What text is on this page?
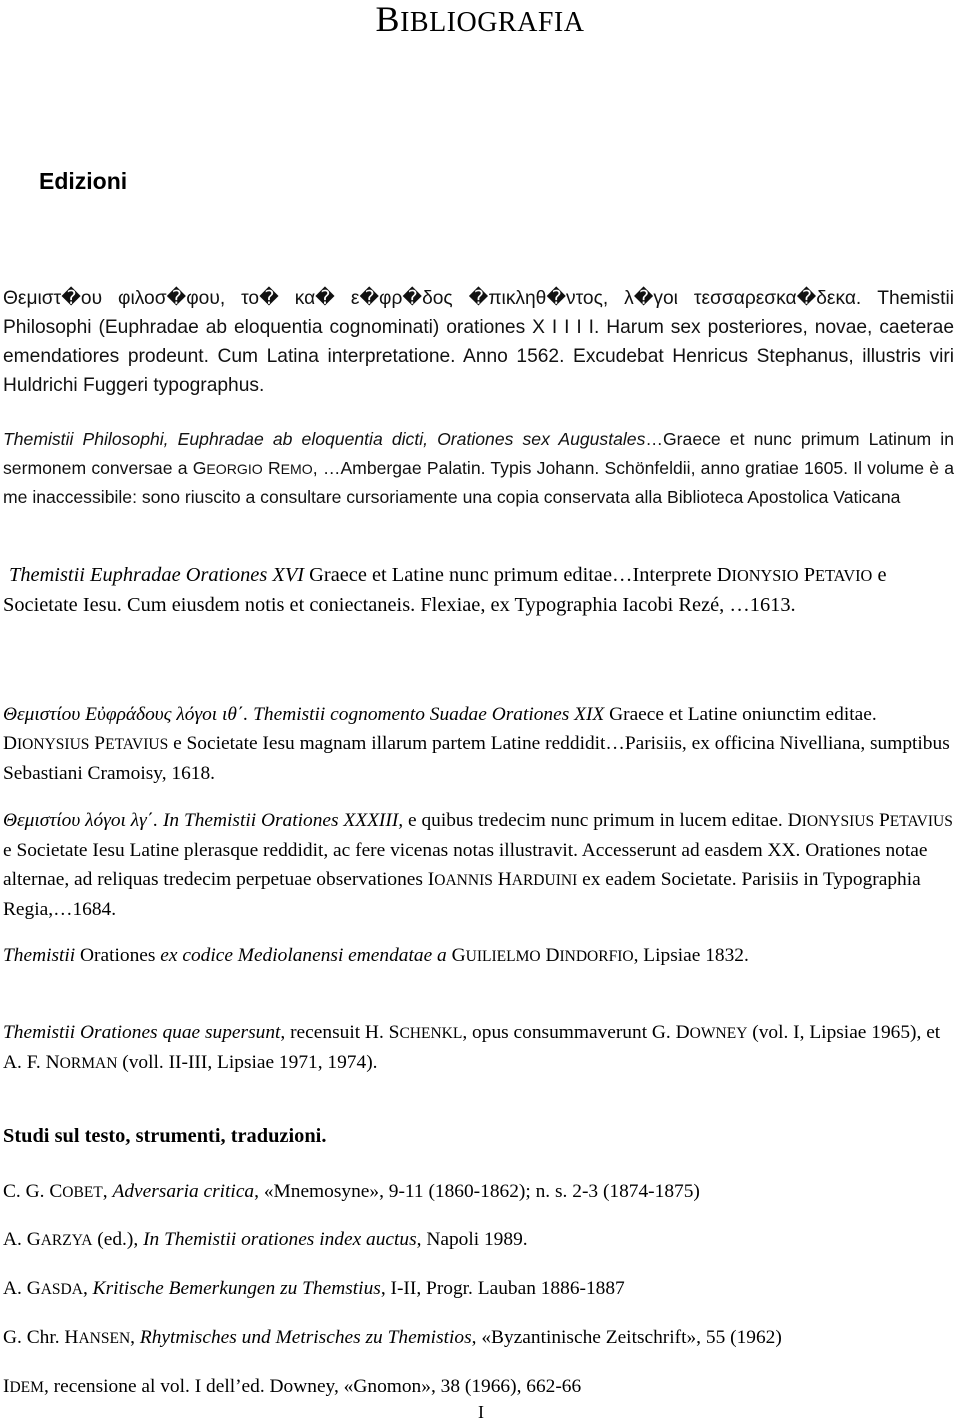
BIBLIOGRAFIA
Edizioni
Θεμιστ�ου φιλοσ�φου, το� κα� ε�φρ�δος �πικληθ�ντος, λ�γοι τεσσαρεσκα�δεκα. Themistii Philosophi (Euphradae ab eloquentia cognominati) orationes X I I I I. Harum sex posteriores, novae, caeterae emendatiores prodeunt. Cum Latina interpretatione. Anno 1562. Excudebat Henricus Stephanus, illustris viri Huldrichi Fuggeri typographus.
Themistii Philosophi, Euphradae ab eloquentia dicti, Orationes sex Augustales…Graece et nunc primum Latinum in sermonem conversae a GEORGIO REMO, …Ambergae Palatin. Typis Johann. Schönfeldii, anno gratiae 1605. Il volume è a me inaccessibile: sono riuscito a consultare cursoriamente una copia conservata alla Biblioteca Apostolica Vaticana
Themistii Euphradae Orationes XVI Graece et Latine nunc primum editae…Interprete DIONYSIO PETAVIO e Societate Iesu. Cum eiusdem notis et coniectaneis. Flexiae, ex Typographia Iacobi Rezé, …1613.
Θεμιστίου Εὐφράδους λόγοι ιθ΄. Themistii cognomento Suadae Orationes XIX Graece et Latine oniunctim editae. DIONYSIUS PETAVIUS e Societate Iesu magnam illarum partem Latine reddidit…Parisiis, ex officina Nivelliana, sumptibus Sebastiani Cramoisy, 1618.
Θεμιστίου λόγοι λγ΄. In Themistii Orationes XXXIII, e quibus tredecim nunc primum in lucem editae. DIONYSIUS PETAVIUS e Societate Iesu Latine plerasque reddidit, ac fere vicenas notas illustravit. Accesserunt ad easdem XX. Orationes notae alternae, ad reliquas tredecim perpetuae observationes IOANNIS HARDUINI ex eadem Societate. Parisiis in Typographia Regia,…1684.
Themistii Orationes ex codice Mediolanensi emendatae a GUILIELMO DINDORFIO, Lipsiae 1832.
Themistii Orationes quae supersunt, recensuit H. SCHENKL, opus consummaverunt G. DOWNEY (vol. I, Lipsiae 1965), et A. F. NORMAN (voll. II-III, Lipsiae 1971, 1974).
Studi sul testo, strumenti, traduzioni.
C. G. COBET, Adversaria critica, «Mnemosyne», 9-11 (1860-1862); n. s. 2-3 (1874-1875)
A. GARZYA (ed.), In Themistii orationes index auctus, Napoli 1989.
A. GASDA, Kritische Bemerkungen zu Themstius, I-II, Progr. Lauban 1886-1887
G. Chr. HANSEN, Rhytmisches und Metrisches zu Themistios, «Byzantinische Zeitschrift», 55 (1962)
IDEM, recensione al vol. I dell’ed. Downey, «Gnomon», 38 (1966), 662-66
I
